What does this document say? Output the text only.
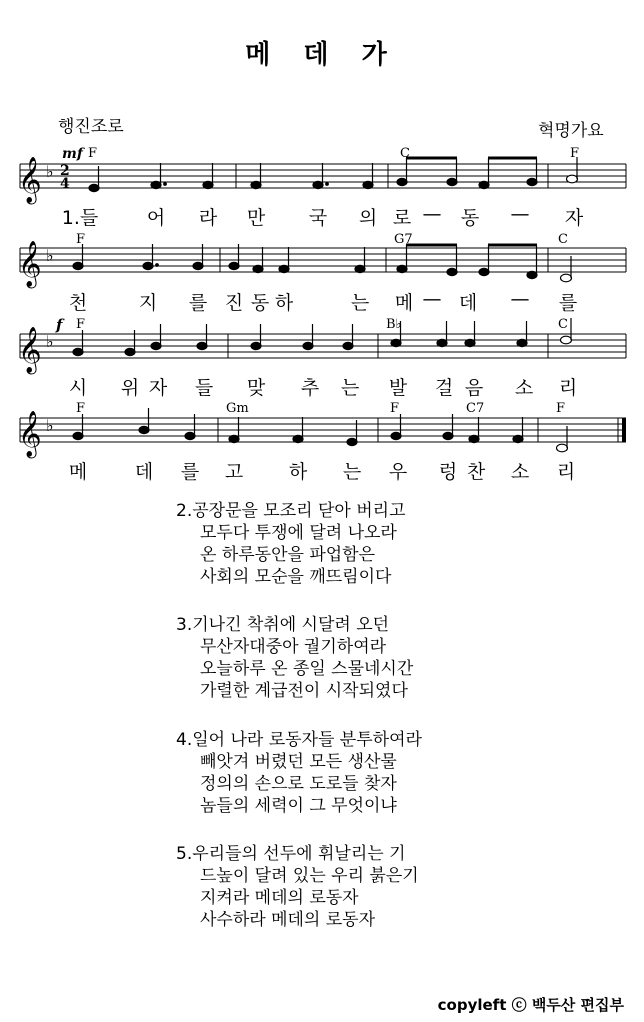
메 데 가
행진조로	혁명가요
𝄞
𝄞
𝄞
𝄞
♭
♭
♭
♭
2
4
mf
f
F	C	F
F	G7	C
F	B♭	C
F	Gm	F	C7	F
1.들	어 라 만 국 의 로 — 동 — 자
천	지 를 진 동 하	는 메 — 데 — 를
시 위 자 들 맞 추 는 발 걸 음 소 리
메	데 를 고 하 는 우 렁 찬 소 리
2.공장문을 모조리 닫아 버리고
모두다 투쟁에 달려 나오라
온 하루동안을 파업함은
사회의 모순을 깨뜨림이다
3.기나긴 착취에 시달려 오던
무산자대중아 궐기하여라
오늘하루 온 종일 스물네시간
가렬한 계급전이 시작되였다
4.일어 나라 로동자들 분투하여라
빼앗겨 버렸던 모든 생산물
정의의 손으로 도로들 찾자
놈들의 세력이 그 무엇이냐
5.우리들의 선두에 휘날리는 기
드높이 달려 있는 우리 붉은기
지켜라 메데의 로동자
사수하라 메데의 로동자
copyleft ⓒ 백두산 편집부
